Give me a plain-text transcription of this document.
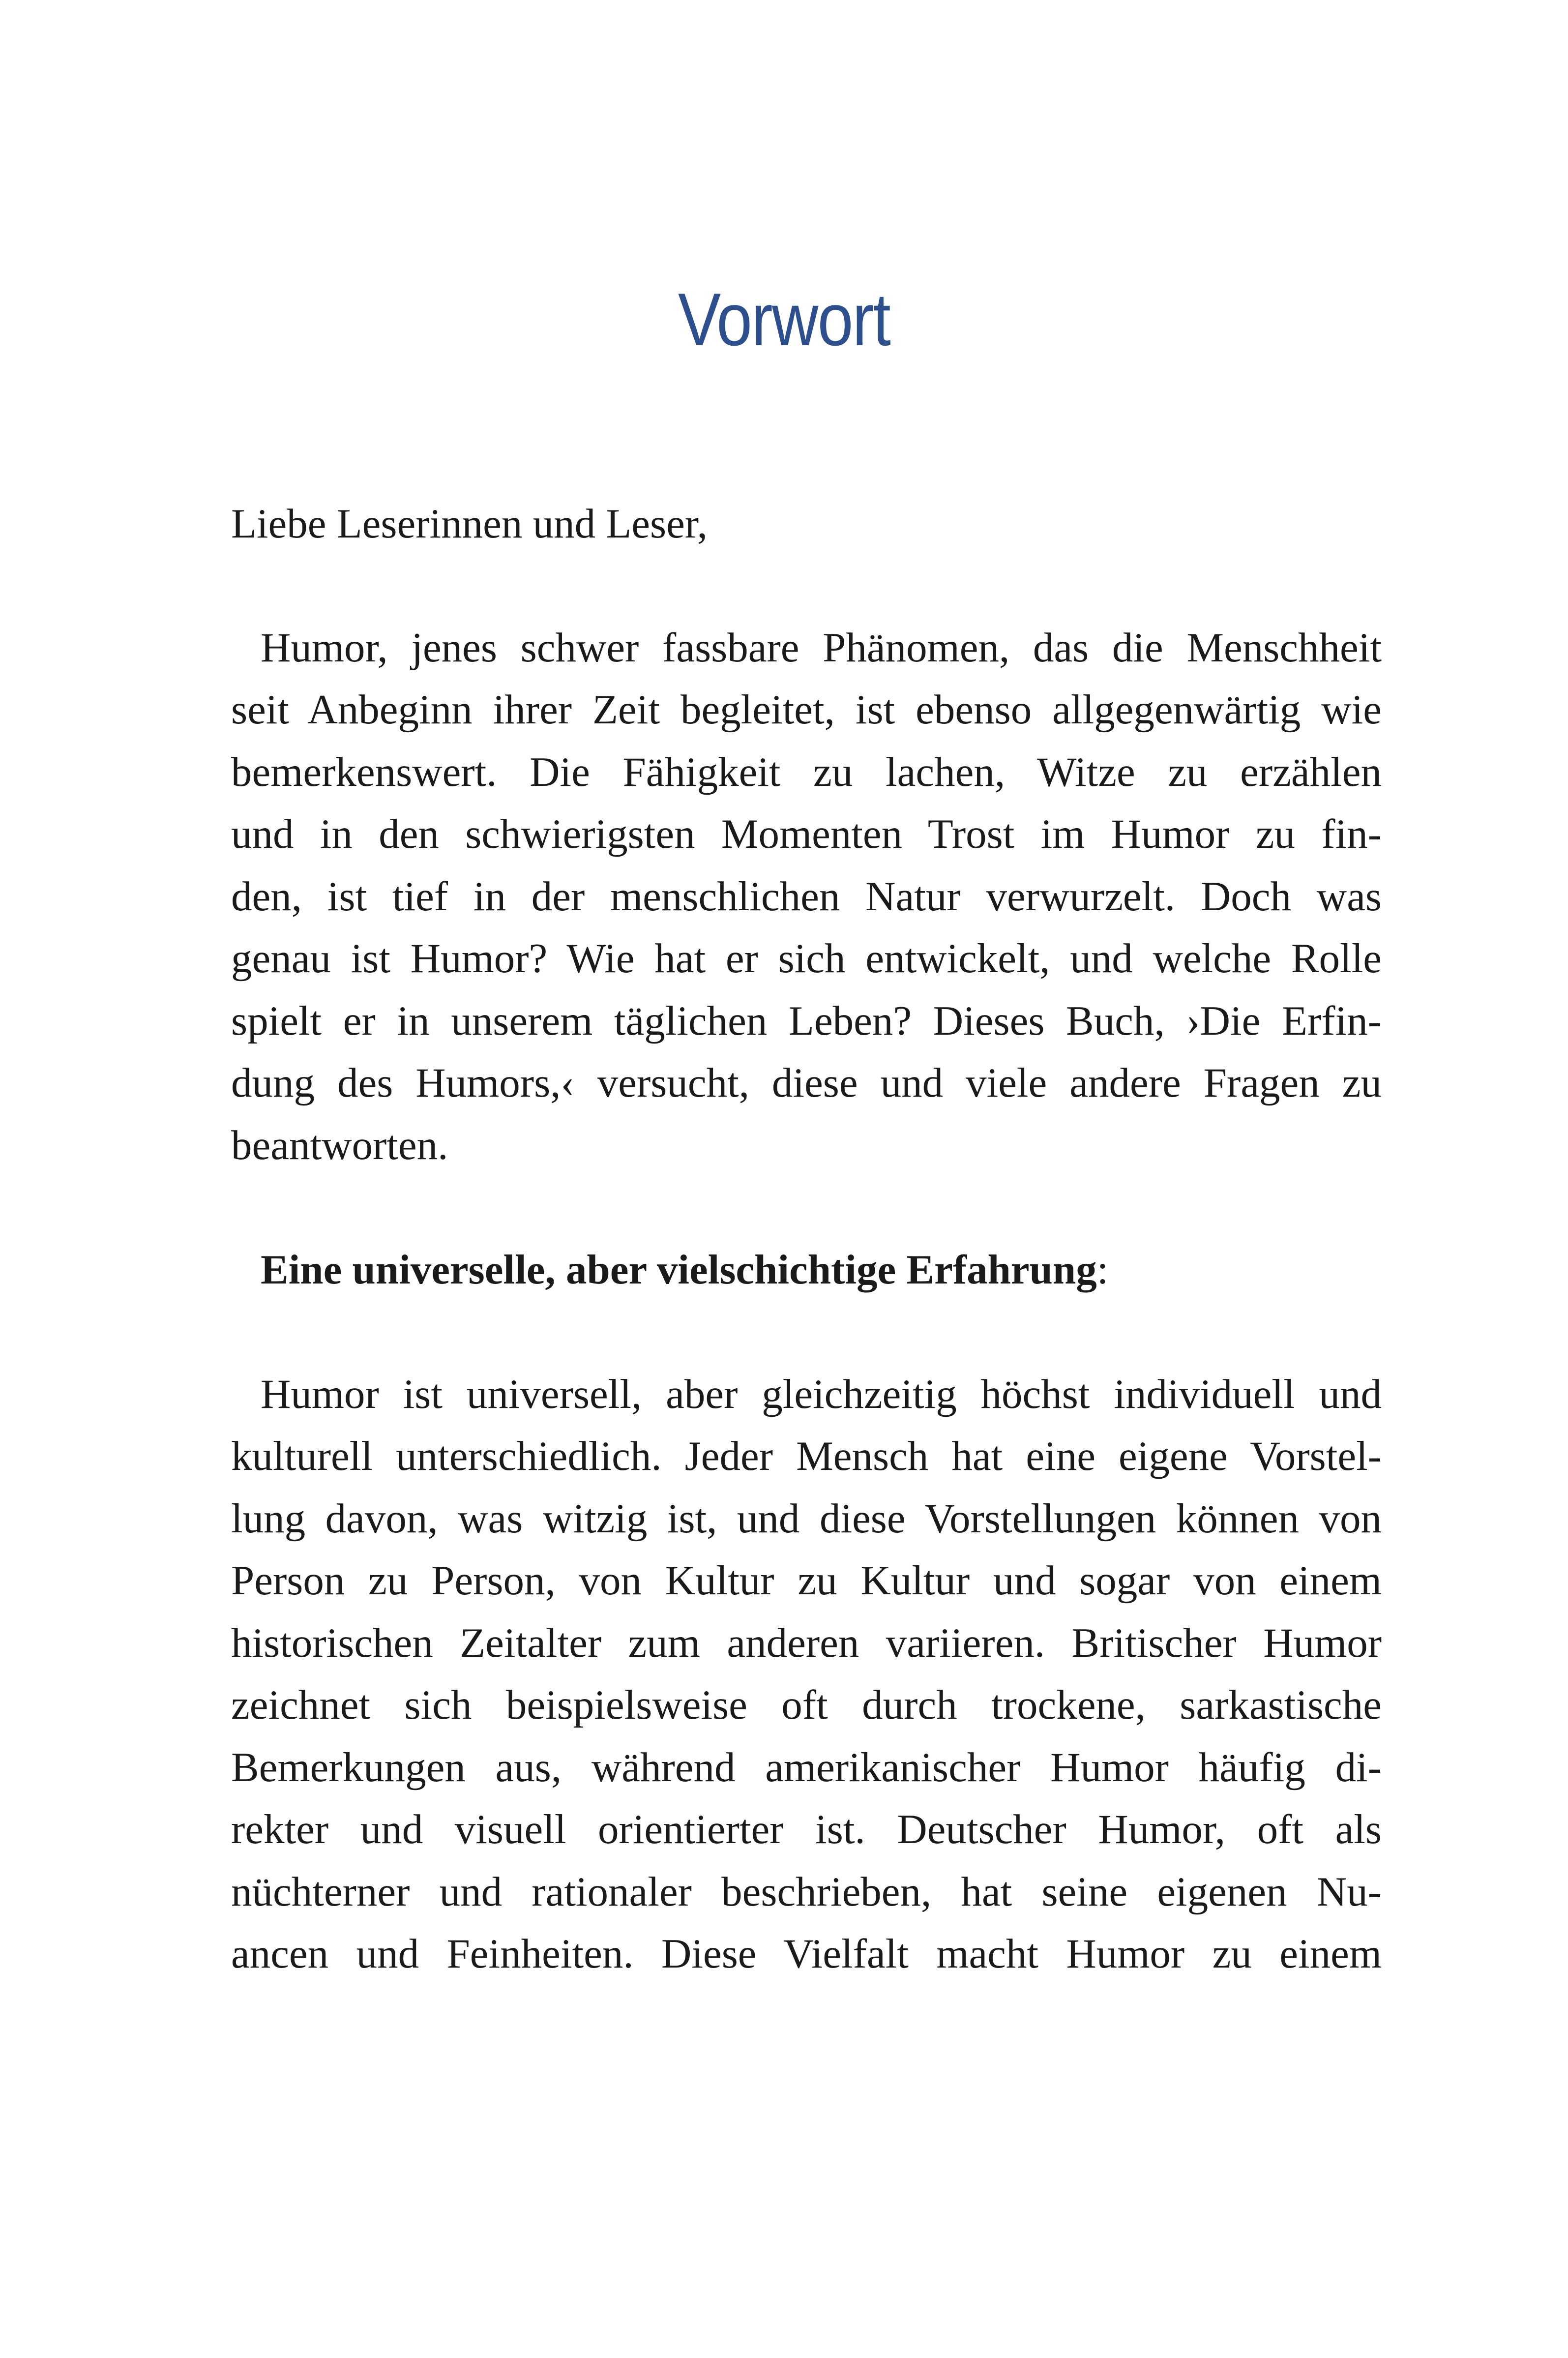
Vorwort
Liebe Leserinnen und Leser,
Humor, jenes schwer fassbare Phänomen, das die Menschheit
seit Anbeginn ihrer Zeit begleitet, ist ebenso allgegenwärtig wie
bemerkenswert. Die Fähigkeit zu lachen, Witze zu erzählen
und in den schwierigsten Momenten Trost im Humor zu fin-
den, ist tief in der menschlichen Natur verwurzelt. Doch was
genau ist Humor? Wie hat er sich entwickelt, und welche Rolle
spielt er in unserem täglichen Leben? Dieses Buch, ›Die Erfin-
dung des Humors,‹ versucht, diese und viele andere Fragen zu
beantworten.
Eine universelle, aber vielschichtige Erfahrung:
Humor ist universell, aber gleichzeitig höchst individuell und
kulturell unterschiedlich. Jeder Mensch hat eine eigene Vorstel-
lung davon, was witzig ist, und diese Vorstellungen können von
Person zu Person, von Kultur zu Kultur und sogar von einem
historischen Zeitalter zum anderen variieren. Britischer Humor
zeichnet sich beispielsweise oft durch trockene, sarkastische
Bemerkungen aus, während amerikanischer Humor häufig di-
rekter und visuell orientierter ist. Deutscher Humor, oft als
nüchterner und rationaler beschrieben, hat seine eigenen Nu-
ancen und Feinheiten. Diese Vielfalt macht Humor zu einem
